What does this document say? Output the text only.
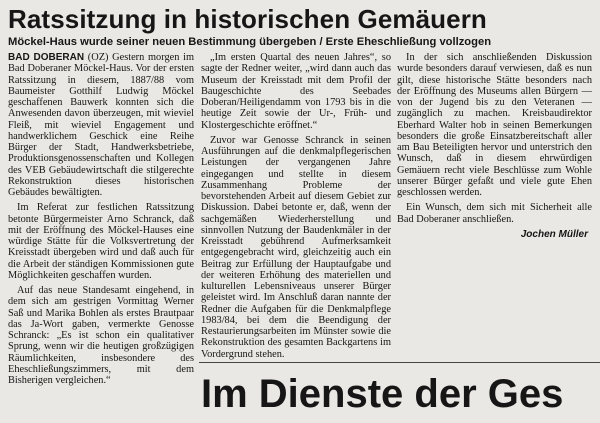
Ratssitzung in historischen Gemäuern
Möckel-Haus wurde seiner neuen Bestimmung übergeben / Erste Eheschließung vollzogen

BAD DOBERAN (OZ) Gestern morgen im Bad Doberaner Möckel-Haus. Vor der ersten Ratssitzung in diesem, 1887/88 vom Baumeister Gotthilf Ludwig Möckel geschaffenen Bauwerk konnten sich die Anwesenden davon überzeugen, mit wieviel Fleiß, mit wieviel Engagement und handwerklichem Geschick eine Reihe Bürger der Stadt, Handwerksbetriebe, Produktionsgenossenschaften und Kollegen des VEB Gebäudewirtschaft die stilgerechte Rekonstruktion dieses historischen Gebäudes bewältigten.

Im Referat zur festlichen Ratssitzung betonte Bürgermeister Arno Schranck, daß mit der Eröffnung des Möckel-Hauses eine würdige Stätte für die Volksvertretung der Kreisstadt übergeben wird und daß auch für die Arbeit der ständigen Kommissionen gute Möglichkeiten geschaffen wurden.

Auf das neue Standesamt eingehend, in dem sich am gestrigen Vormittag Werner Saß und Marika Bohlen als erstes Brautpaar das Ja-Wort gaben, vermerkte Genosse Schranck: „Es ist schon ein qualitativer Sprung, wenn wir die heutigen großzügigen Räumlichkeiten, insbesondere des Eheschließungszimmers, mit dem Bisherigen vergleichen.“

„Im ersten Quartal des neuen Jahres“, so sagte der Redner weiter, „wird dann auch das Museum der Kreisstadt mit dem Profil der Baugeschichte des Seebades Doberan/Heiligendamm von 1793 bis in die heutige Zeit sowie der Ur-, Früh- und Klostergeschichte eröffnet.“

Zuvor war Genosse Schranck in seinen Ausführungen auf die denkmalpflegerischen Leistungen der vergangenen Jahre eingegangen und stellte in diesem Zusammenhang Probleme der bevorstehenden Arbeit auf diesem Gebiet zur Diskussion. Dabei betonte er, daß, wenn der sachgemäßen Wiederherstellung und sinnvollen Nutzung der Baudenkmäler in der Kreisstadt gebührend Aufmerksamkeit entgegengebracht wird, gleichzeitig auch ein Beitrag zur Erfüllung der Hauptaufgabe und der weiteren Erhöhung des materiellen und kulturellen Lebensniveaus unserer Bürger geleistet wird. Im Anschluß daran nannte der Redner die Aufgaben für die Denkmalpflege 1983/84, bei dem die Beendigung der Restaurierungsarbeiten im Münster sowie die Rekonstruktion des gesamten Backgartens im Vordergrund stehen.

In der sich anschließenden Diskussion wurde besonders darauf verwiesen, daß es nun gilt, diese historische Stätte besonders nach der Eröffnung des Museums allen Bürgern — von der Jugend bis zu den Veteranen — zugänglich zu machen. Kreisbaudirektor Eberhard Walter hob in seinen Bemerkungen besonders die große Einsatzbereitschaft aller am Bau Beteiligten hervor und unterstrich den Wunsch, daß in diesem ehrwürdigen Gemäuern recht viele Beschlüsse zum Wohle unserer Bürger gefaßt und viele gute Ehen geschlossen werden.

Ein Wunsch, dem sich mit Sicherheit alle Bad Doberaner anschließen.

Jochen Müller
Im Dienste der Ges
